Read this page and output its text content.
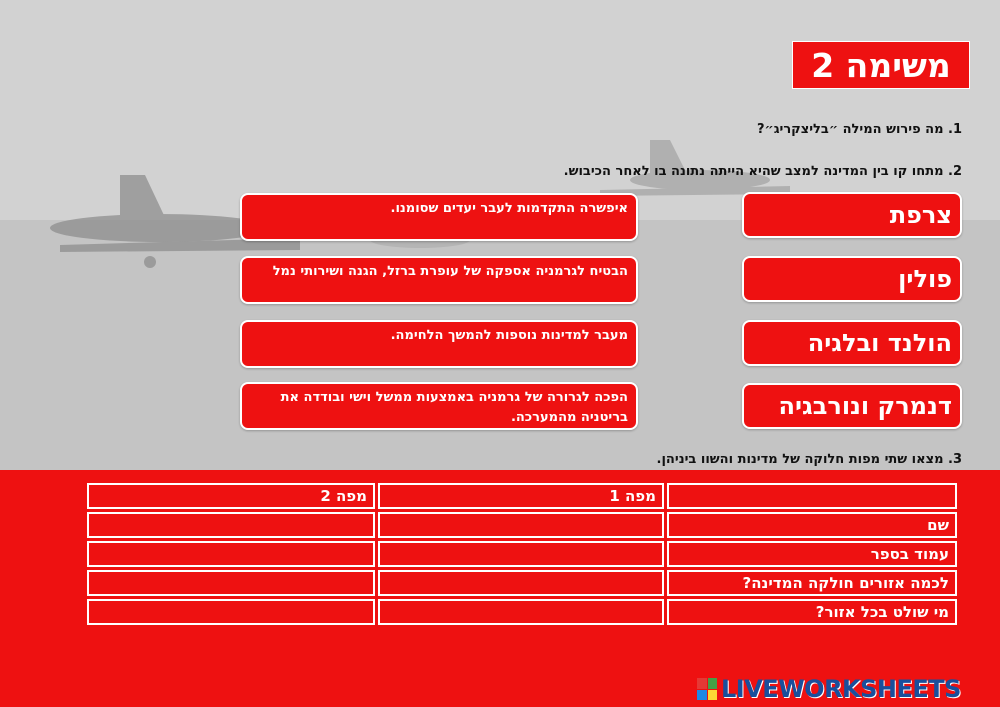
משימה 2
1. מה פירוש המילה ״בליצקריג״?
2. מתחו קו בין המדינה למצב שהיא הייתה נתונה בו לאחר הכיבוש.
צרפת
פולין
הולנד ובלגיה
דנמרק ונורבגיה
איפשרה התקדמות לעבר יעדים שסומנו.
הבטיח לגרמניה אספקה של עופרת ברזל, הגנה ושירותי נמל
מעבר למדינות נוספות להמשך הלחימה.
הפכה לגרורה של גרמניה באמצעות ממשל וישי ובודדה את בריטניה מהמערכה.
3. מצאו שתי מפות חלוקה של מדינות והשוו ביניהן.
	מפה 1	מפה 2
שם		
עמוד בספר		
לכמה אזורים חולקה המדינה?		
מי שולט בכל אזור?		
LIVEWORKSHEETS
